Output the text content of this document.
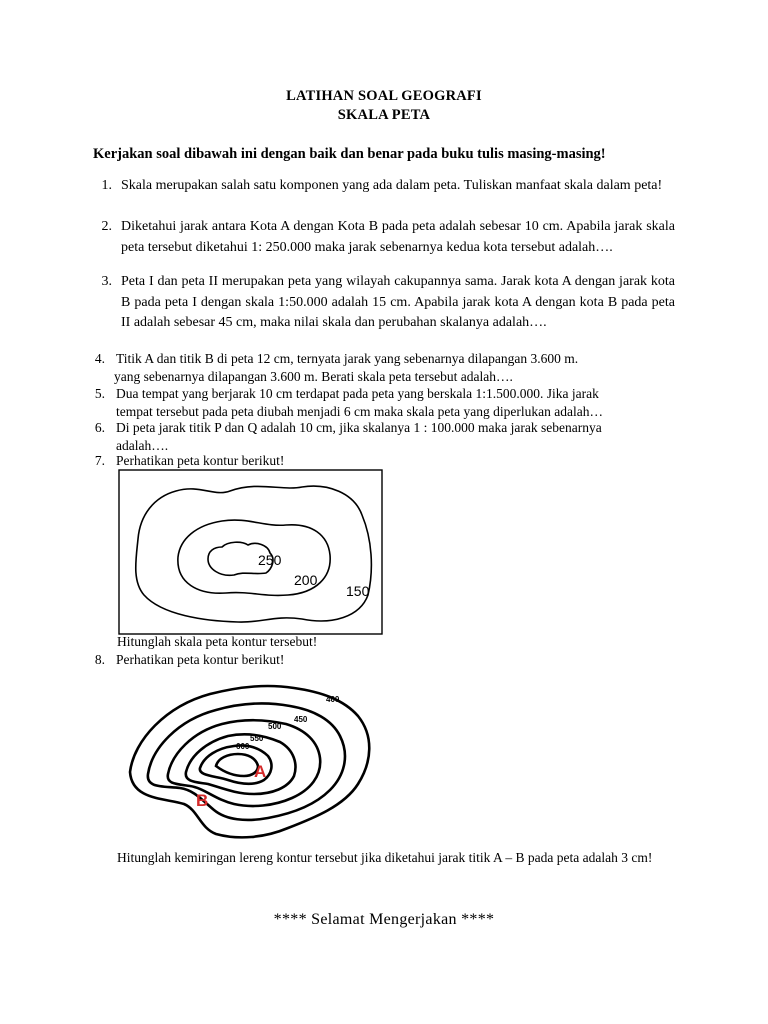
LATIHAN SOAL GEOGRAFI
SKALA PETA
Kerjakan soal dibawah ini dengan baik dan benar pada buku tulis masing-masing!
1. Skala merupakan salah satu komponen yang ada dalam peta. Tuliskan manfaat skala dalam peta!
2. Diketahui jarak antara Kota A dengan Kota B pada peta adalah sebesar 10 cm. Apabila jarak skala peta tersebut diketahui 1: 250.000 maka jarak sebenarnya kedua kota tersebut adalah….
3. Peta I dan peta II merupakan peta yang wilayah cakupannya sama. Jarak kota A dengan jarak kota B pada peta I dengan skala 1:50.000 adalah 15 cm. Apabila jarak kota A dengan kota B pada peta II adalah sebesar 45 cm, maka nilai skala dan perubahan skalanya adalah….
4. Titik A dan titik B di peta 12 cm, ternyata jarak yang sebenarnya dilapangan 3.600 m.
yang sebenarnya dilapangan 3.600 m. Berati skala peta tersebut adalah….
5. Dua tempat yang berjarak 10 cm terdapat pada peta yang berskala 1:1.500.000. Jika jarak
tempat tersebut pada peta diubah menjadi 6 cm maka skala peta yang diperlukan adalah…
6. Di peta jarak titik P dan Q adalah 10 cm, jika skalanya 1 : 100.000 maka jarak sebenarnya
adalah….
7. Perhatikan peta kontur berikut!
250
200
150
Hitunglah skala peta kontur tersebut!
8. Perhatikan peta kontur berikut!
400
450
500
550
600
A
B
Hitunglah kemiringan lereng kontur tersebut jika diketahui jarak titik A – B pada peta adalah 3 cm!
**** Selamat Mengerjakan ****
